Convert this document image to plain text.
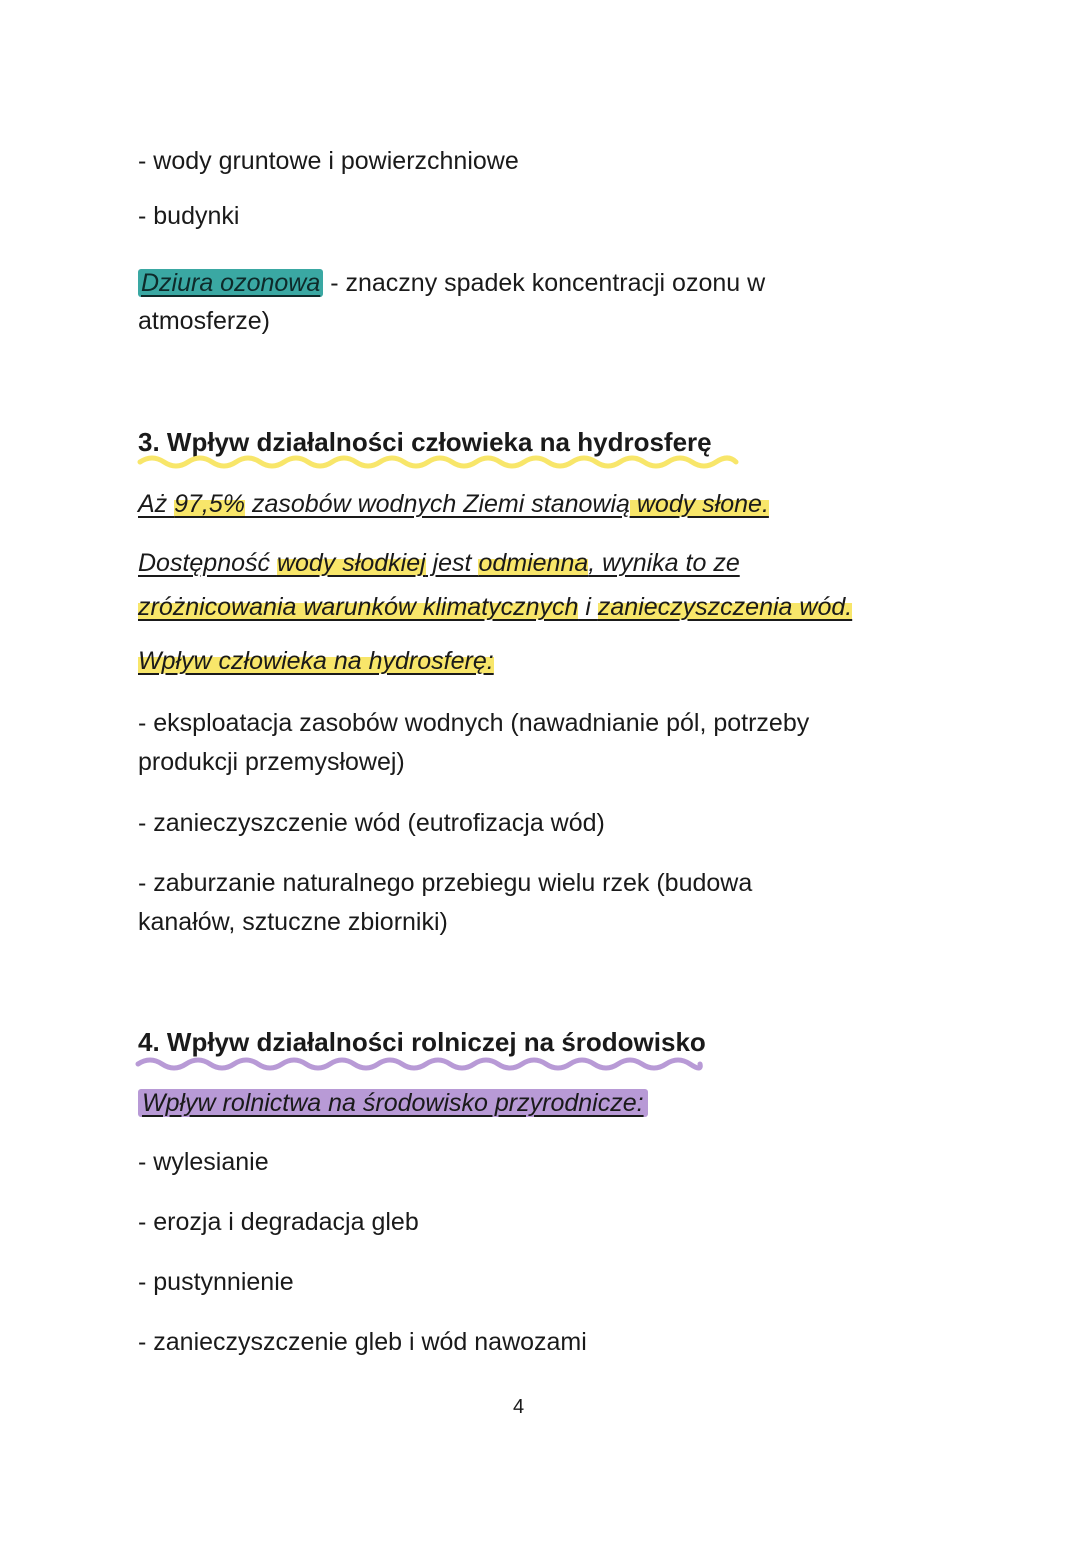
- wody gruntowe i powierzchniowe
- budynki
Dziura ozonowa - znaczny spadek koncentracji ozonu w
atmosferze)
3. Wpływ działalności człowieka na hydrosferę
Aż 97,5% zasobów wodnych Ziemi stanowią wody słone.
Dostępność wody słodkiej jest odmienna, wynika to ze
zróżnicowania warunków klimatycznych i zanieczyszczenia wód.
Wpływ człowieka na hydrosferę:
- eksploatacja zasobów wodnych (nawadnianie pól, potrzeby
produkcji przemysłowej)
- zanieczyszczenie wód (eutrofizacja wód)
- zaburzanie naturalnego przebiegu wielu rzek (budowa
kanałów, sztuczne zbiorniki)
4. Wpływ działalności rolniczej na środowisko
Wpływ rolnictwa na środowisko przyrodnicze:
- wylesianie
- erozja i degradacja gleb
- pustynnienie
- zanieczyszczenie gleb i wód nawozami
4
